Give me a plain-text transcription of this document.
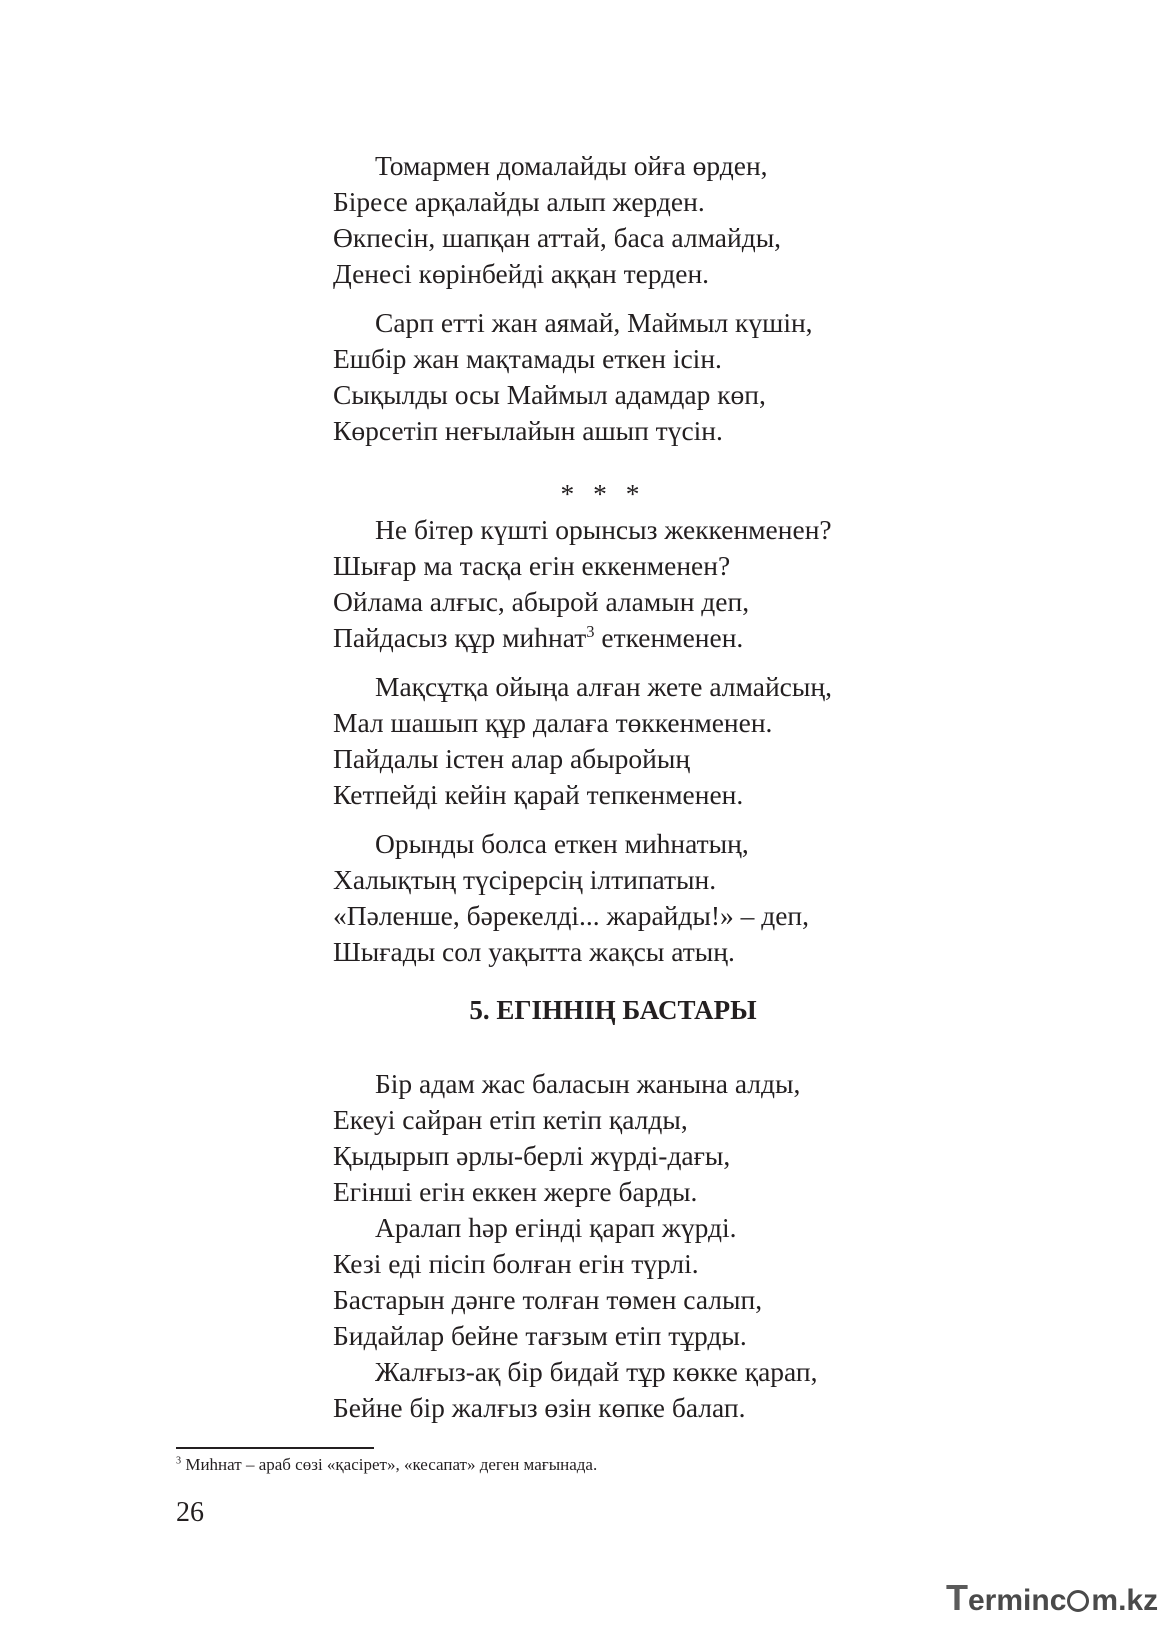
Томармен домалайды ойға өрден,
Біресе арқалайды алып жерден.
Өкпесін, шапқан аттай, баса алмайды,
Денесі көрінбейді аққан терден.
Сарп етті жан аямай, Маймыл күшін,
Ешбір жан мақтамады еткен ісін.
Сықылды осы Маймыл адамдар көп,
Көрсетіп неғылайын ашып түсін.
* * *
Не бітер күшті орынсыз жеккенменен?
Шығар ма тасқа егін еккенменен?
Ойлама алғыс, абырой аламын деп,
Пайдасыз құр миһнат$^3$ еткенменен.
Мақсұтқа ойыңа алған жете алмайсың,
Мал шашып құр далаға төккенменен.
Пайдалы істен алар абыройың
Кетпейді кейін қарай тепкенменен.
Орынды болса еткен миһнатың,
Халықтың түсірерсің ілтипатын.
«Пәленше, бәрекелді... жарайды!» – деп,
Шығады сол уақытта жақсы атың.
5. ЕГІННІҢ БАСТАРЫ
Бір адам жас баласын жанына алды,
Екеуі сайран етіп кетіп қалды,
Қыдырып әрлы-берлі жүрді-дағы,
Егінші егін еккен жерге барды.
Аралап һәр егінді қарап жүрді.
Кезі еді пісіп болған егін түрлі.
Бастарын дәнге толған төмен салып,
Бидайлар бейне тағзым етіп тұрды.
Жалғыз-ақ бір бидай тұр көкке қарап,
Бейне бір жалғыз өзін көпке балап.
$^3$ Миһнат – араб сөзі «қасірет», «кесапат» деген мағынада.
26
Terminc m.kz
